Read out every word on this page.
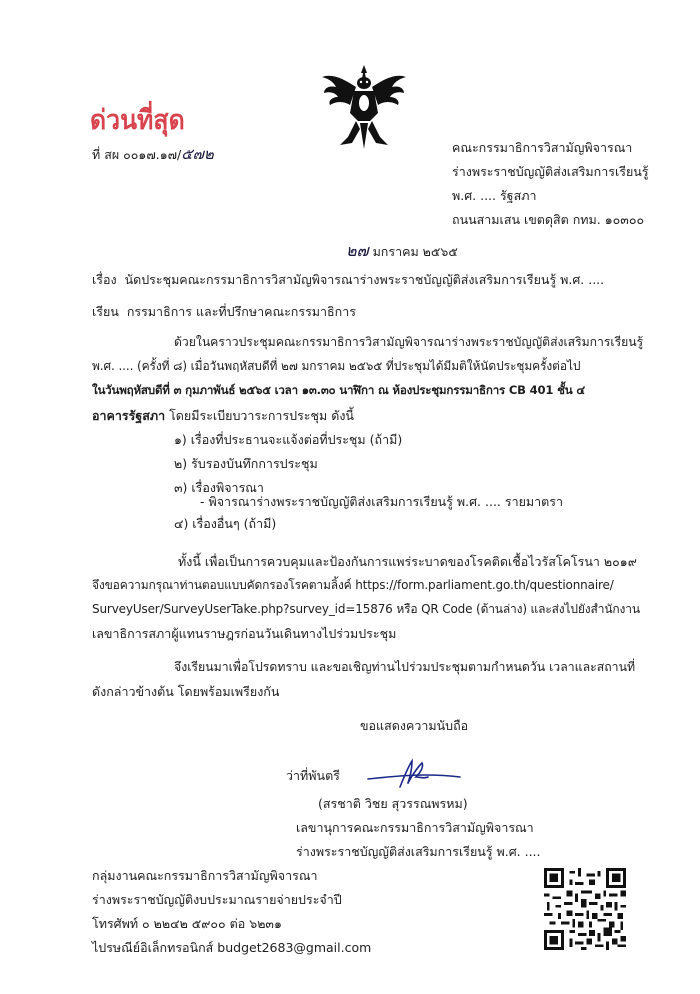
ด่วนที่สุด
ที่ สผ ๐๐๑๗.๑๗/๕๗๒	คณะกรรมาธิการวิสามัญพิจารณา
ร่างพระราชบัญญัติส่งเสริมการเรียนรู้
พ.ศ. .... รัฐสภา
ถนนสามเสน เขตดุสิต กทม. ๑๐๓๐๐
๒๗ มกราคม ๒๕๖๕
เรื่อง นัดประชุมคณะกรรมาธิการวิสามัญพิจารณาร่างพระราชบัญญัติส่งเสริมการเรียนรู้ พ.ศ. ....
เรียน กรรมาธิการ และที่ปรึกษาคณะกรรมาธิการ
ด้วยในคราวประชุมคณะกรรมาธิการวิสามัญพิจารณาร่างพระราชบัญญัติส่งเสริมการเรียนรู้
พ.ศ. .... (ครั้งที่ ๘) เมื่อวันพฤหัสบดีที่ ๒๗ มกราคม ๒๕๖๕ ที่ประชุมได้มีมติให้นัดประชุมครั้งต่อไป
ในวันพฤหัสบดีที่ ๓ กุมภาพันธ์ ๒๕๖๕ เวลา ๑๓.๓๐ นาฬิกา ณ ห้องประชุมกรรมาธิการ CB 401 ชั้น ๔
อาคารรัฐสภา โดยมีระเบียบวาระการประชุม ดังนี้
๑) เรื่องที่ประธานจะแจ้งต่อที่ประชุม (ถ้ามี)
๒) รับรองบันทึกการประชุม
๓) เรื่องพิจารณา
- พิจารณาร่างพระราชบัญญัติส่งเสริมการเรียนรู้ พ.ศ. .... รายมาตรา
๔) เรื่องอื่นๆ (ถ้ามี)
ทั้งนี้ เพื่อเป็นการควบคุมและป้องกันการแพร่ระบาดของโรคติดเชื้อไวรัสโคโรนา ๒๐๑๙
จึงขอความกรุณาท่านตอบแบบคัดกรองโรคตามลิ้งค์ https://form.parliament.go.th/questionnaire/
SurveyUser/SurveyUserTake.php?survey_id=15876 หรือ QR Code (ด้านล่าง) และส่งไปยังสำนักงาน
เลขาธิการสภาผู้แทนราษฎรก่อนวันเดินทางไปร่วมประชุม
จึงเรียนมาเพื่อโปรดทราบ และขอเชิญท่านไปร่วมประชุมตามกำหนดวัน เวลาและสถานที่
ดังกล่าวข้างต้น โดยพร้อมเพรียงกัน
ขอแสดงความนับถือ
ว่าที่พันตรี
(สรชาติ วิชย สุวรรณพรหม)
เลขานุการคณะกรรมาธิการวิสามัญพิจารณา
ร่างพระราชบัญญัติส่งเสริมการเรียนรู้ พ.ศ. ....
กลุ่มงานคณะกรรมาธิการวิสามัญพิจารณา
ร่างพระราชบัญญัติงบประมาณรายจ่ายประจำปี
โทรศัพท์ ๐ ๒๒๔๒ ๕๙๐๐ ต่อ ๖๒๓๑
ไปรษณีย์อิเล็กทรอนิกส์ budget2683@gmail.com
